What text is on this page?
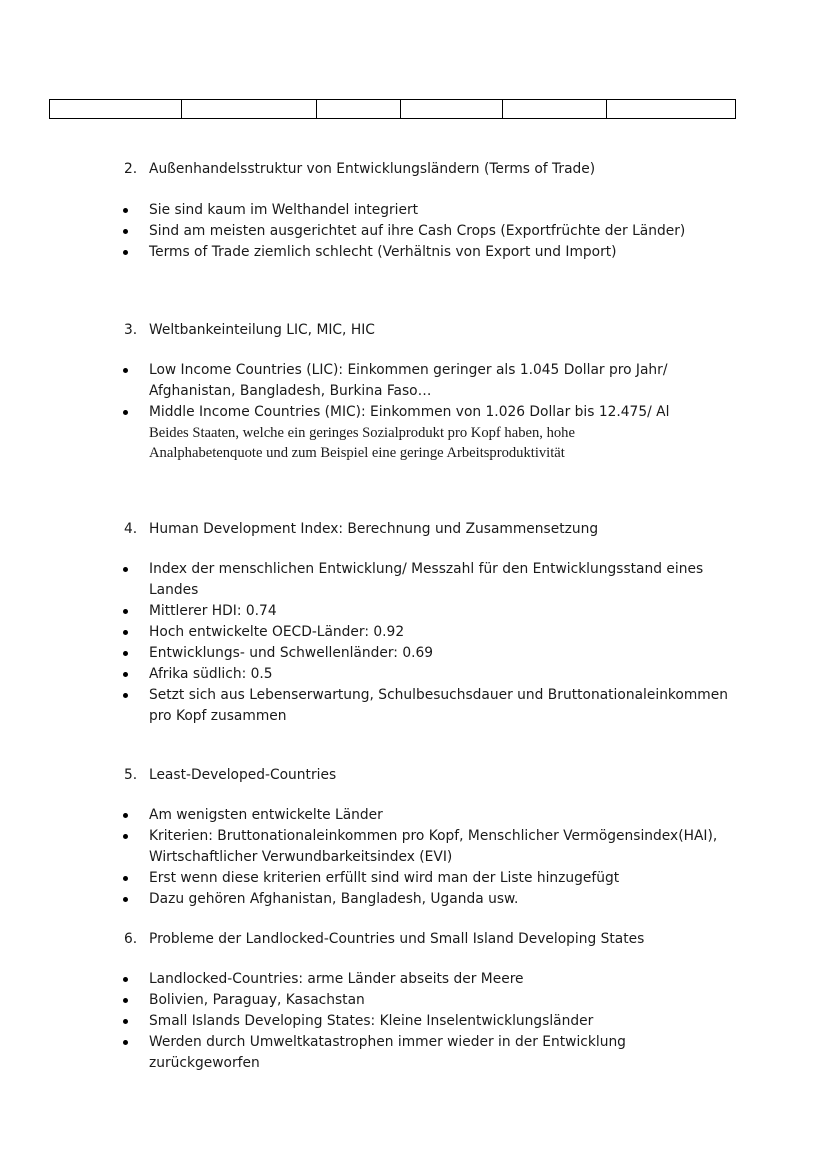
2. Außenhandelsstruktur von Entwicklungsländern (Terms of Trade)
Sie sind kaum im Welthandel integriert
Sind am meisten ausgerichtet auf ihre Cash Crops (Exportfrüchte der Länder)
Terms of Trade ziemlich schlecht (Verhältnis von Export und Import)
3. Weltbankeinteilung LIC, MIC, HIC
Low Income Countries (LIC): Einkommen geringer als 1.045 Dollar pro Jahr/
Afghanistan, Bangladesh, Burkina Faso…
Middle Income Countries (MIC): Einkommen von 1.026 Dollar bis 12.475/ Al
Beides Staaten, welche ein geringes Sozialprodukt pro Kopf haben, hohe
Analphabetenquote und zum Beispiel eine geringe Arbeitsproduktivität
4. Human Development Index: Berechnung und Zusammensetzung
Index der menschlichen Entwicklung/ Messzahl für den Entwicklungsstand eines
Landes
Mittlerer HDI: 0.74
Hoch entwickelte OECD-Länder: 0.92
Entwicklungs- und Schwellenländer: 0.69
Afrika südlich: 0.5
Setzt sich aus Lebenserwartung, Schulbesuchsdauer und Bruttonationaleinkommen
pro Kopf zusammen
5. Least-Developed-Countries
Am wenigsten entwickelte Länder
Kriterien: Bruttonationaleinkommen pro Kopf, Menschlicher Vermögensindex(HAI),
Wirtschaftlicher Verwundbarkeitsindex (EVI)
Erst wenn diese kriterien erfüllt sind wird man der Liste hinzugefügt
Dazu gehören Afghanistan, Bangladesh, Uganda usw.
6. Probleme der Landlocked-Countries und Small Island Developing States
Landlocked-Countries: arme Länder abseits der Meere
Bolivien, Paraguay, Kasachstan
Small Islands Developing States: Kleine Inselentwicklungsländer
Werden durch Umweltkatastrophen immer wieder in der Entwicklung
zurückgeworfen
